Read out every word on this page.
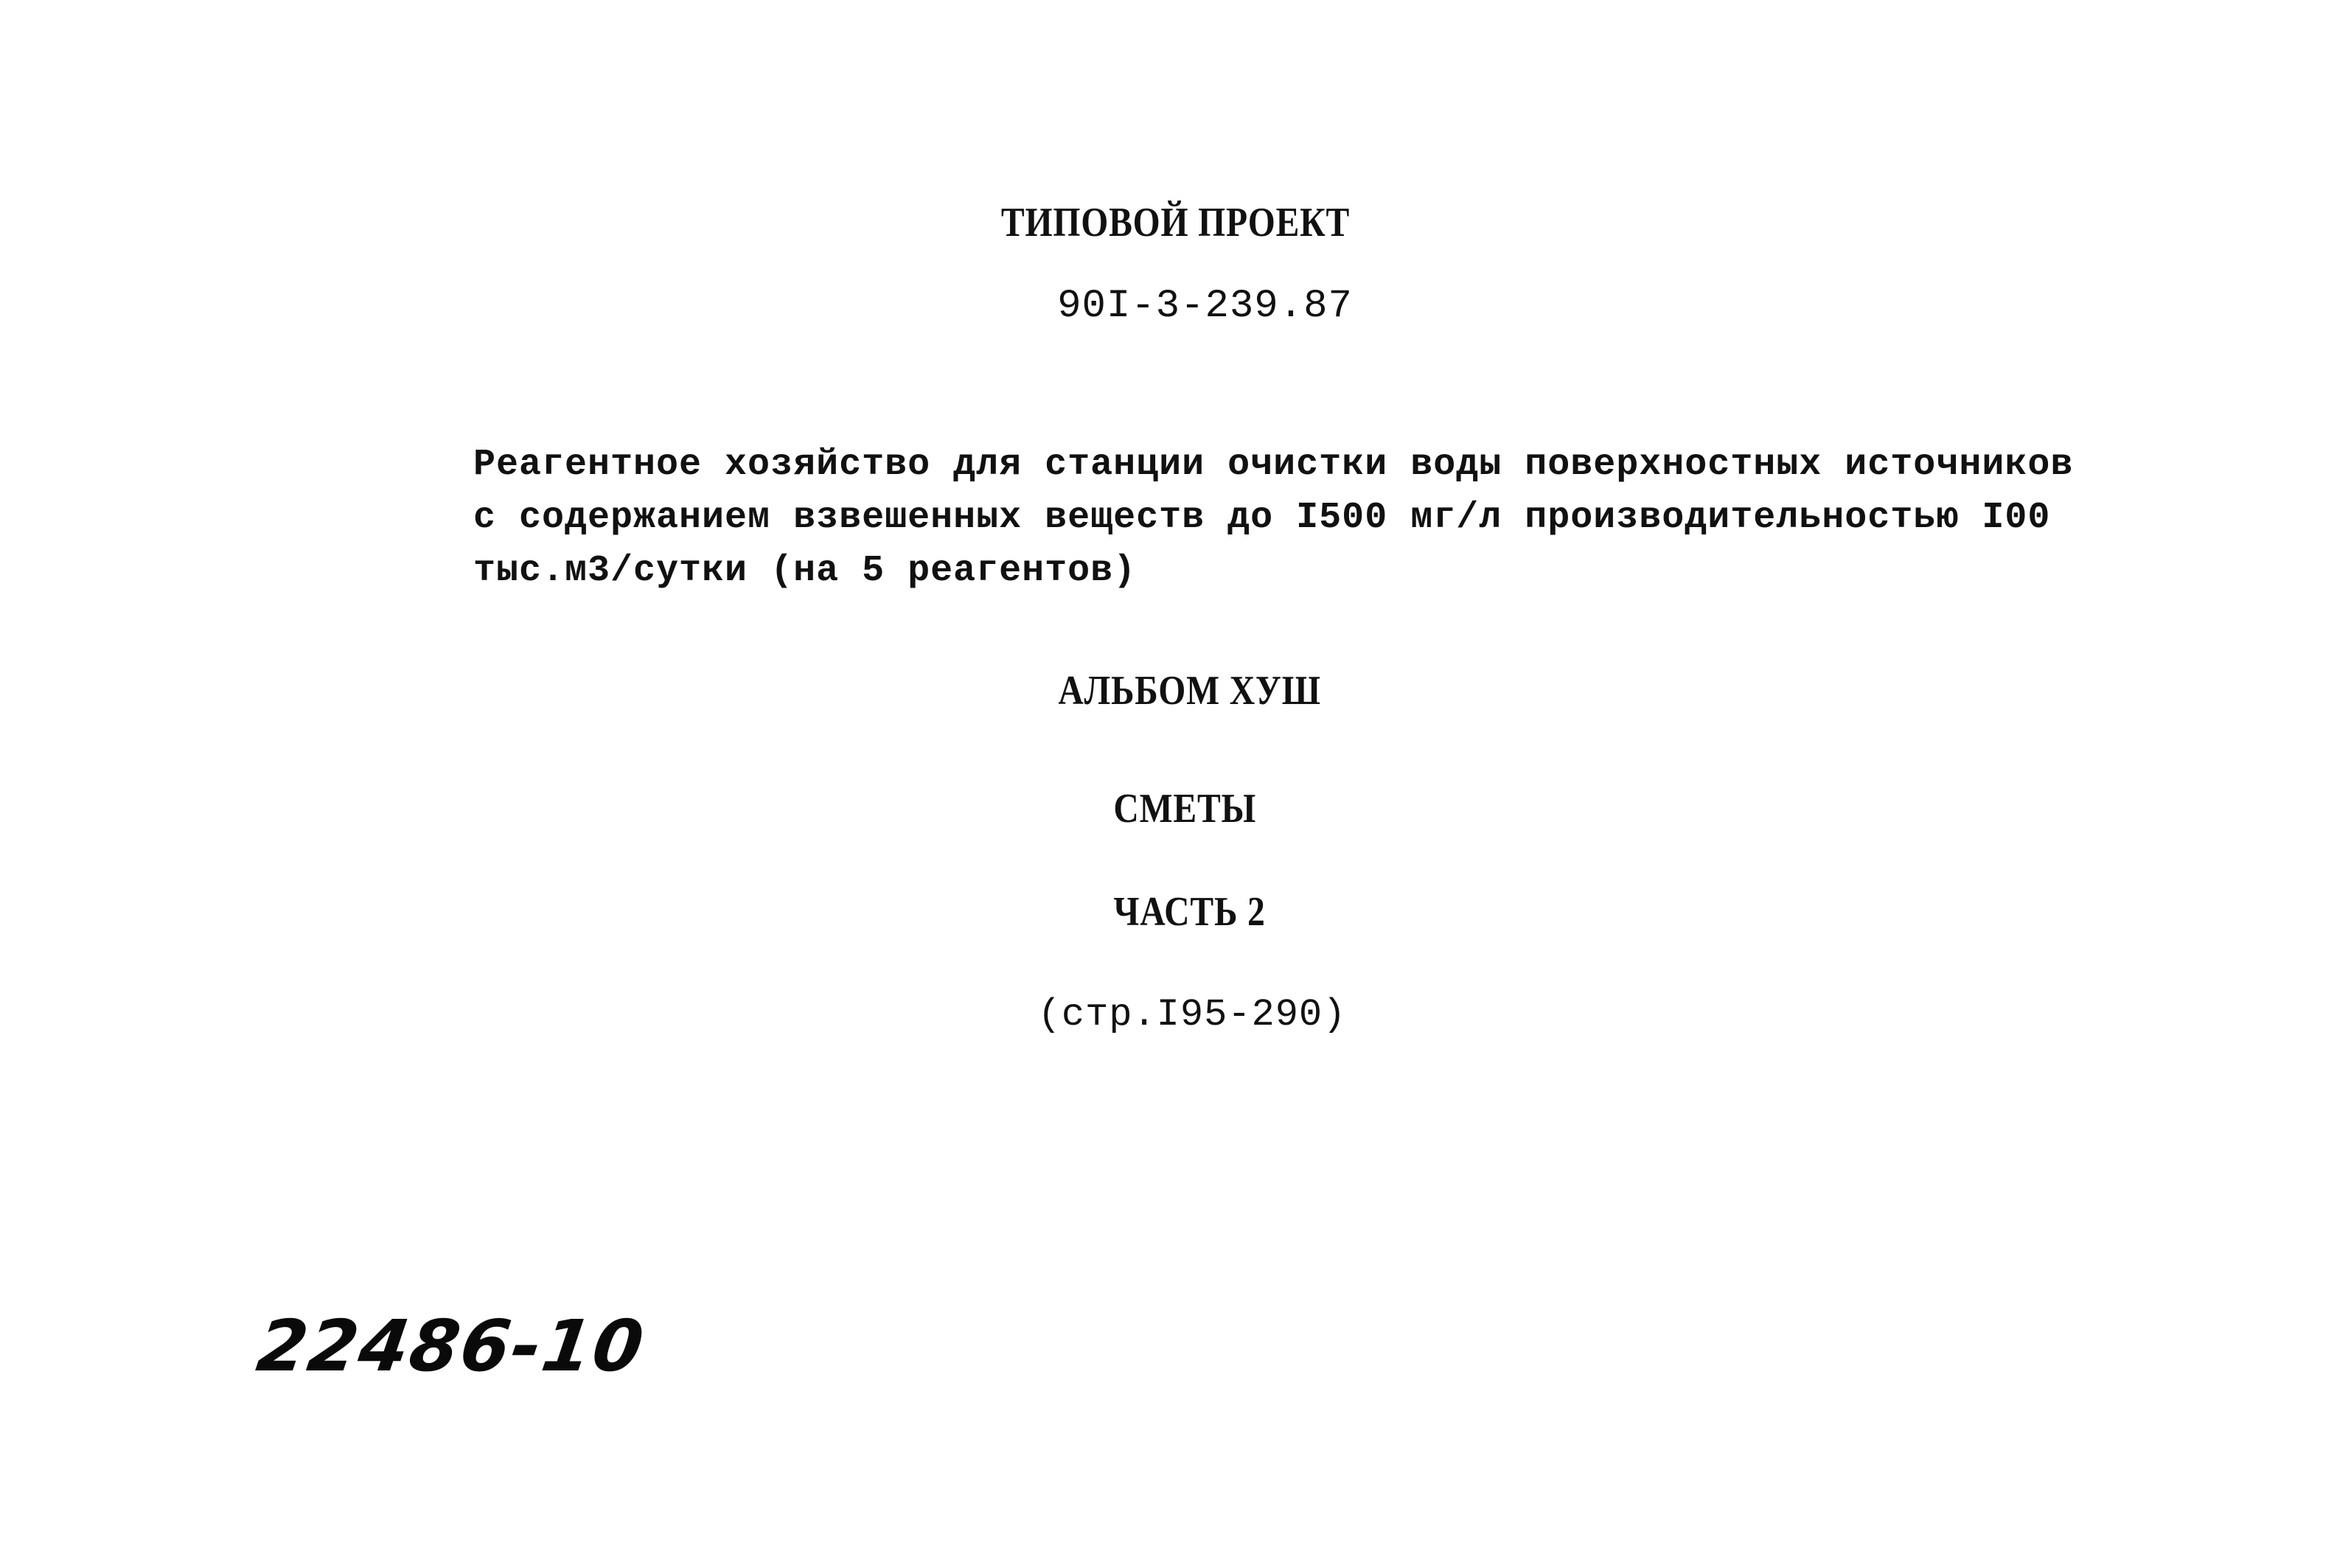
ТИПОВОЙ ПРОЕКТ
90I-3-239.87
Реагентное хозяйство для станции очистки воды поверхностных источников
с содержанием взвешенных веществ до I500 мг/л производительностью I00
тыс.м3/сутки (на 5 реагентов)
АЛЬБОМ ХУШ
СМЕТЫ
ЧАСТЬ 2
(стр.I95-290)
22486-10
